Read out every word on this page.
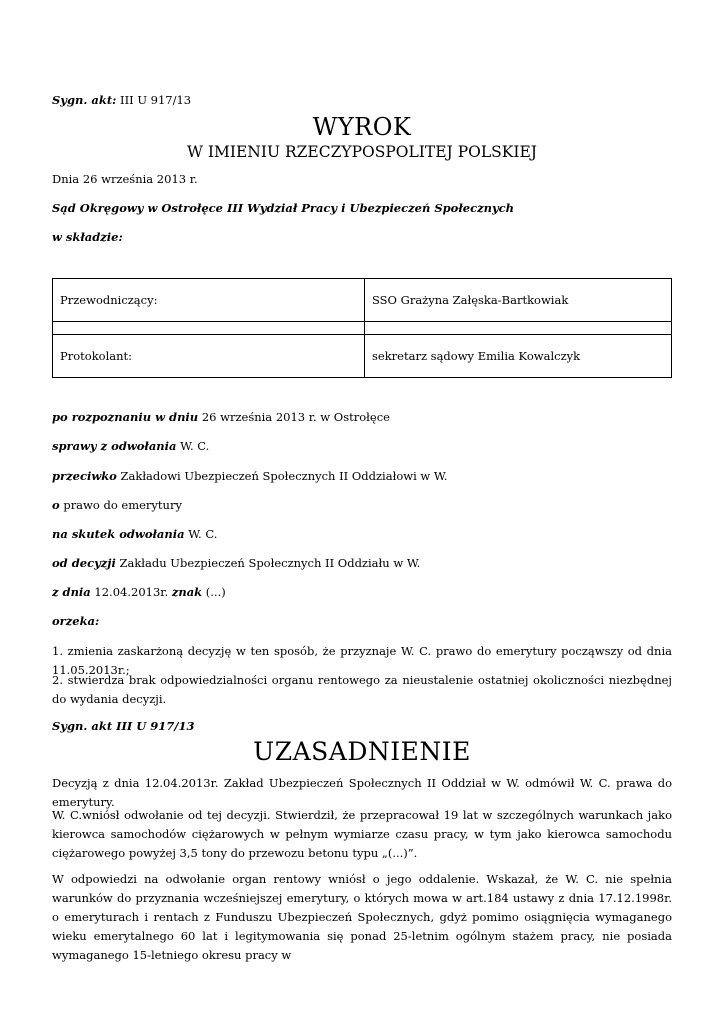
Sygn. akt: III U 917/13
WYROK
W IMIENIU RZECZYPOSPOLITEJ POLSKIEJ
Dnia 26 września 2013 r.
Sąd Okręgowy w Ostrołęce III Wydział Pracy i Ubezpieczeń Społecznych
w składzie:
Przewodniczący:	SSO Grażyna Załęska-Bartkowiak

Protokolant:	sekretarz sądowy Emilia Kowalczyk
po rozpoznaniu w dniu 26 września 2013 r. w Ostrołęce
sprawy z odwołania W. C.
przeciwko Zakładowi Ubezpieczeń Społecznych II Oddziałowi w W.
o prawo do emerytury
na skutek odwołania W. C.
od decyzji Zakładu Ubezpieczeń Społecznych II Oddziału w W.
z dnia 12.04.2013r. znak (...)
orzeka:
1. zmienia zaskarżoną decyzję w ten sposób, że przyznaje W. C. prawo do emerytury począwszy od dnia 11.05.2013r.;
2. stwierdza brak odpowiedzialności organu rentowego za nieustalenie ostatniej okoliczności niezbędnej do wydania decyzji.
Sygn. akt III U 917/13
UZASADNIENIE
Decyzją z dnia 12.04.2013r. Zakład Ubezpieczeń Społecznych II Oddział w W. odmówił W. C. prawa do emerytury.
W. C.wniósł odwołanie od tej decyzji. Stwierdził, że przepracował 19 lat w szczególnych warunkach jako kierowca samochodów ciężarowych w pełnym wymiarze czasu pracy, w tym jako kierowca samochodu ciężarowego powyżej 3,5 tony do przewozu betonu typu „(...)”.
W odpowiedzi na odwołanie organ rentowy wniósł o jego oddalenie. Wskazał, że W. C. nie spełnia warunków do przyznania wcześniejszej emerytury, o których mowa w art.184 ustawy z dnia 17.12.1998r. o emeryturach i rentach z Funduszu Ubezpieczeń Społecznych, gdyż pomimo osiągnięcia wymaganego wieku emerytalnego 60 lat i legitymowania się ponad 25-letnim ogólnym stażem pracy, nie posiada wymaganego 15-letniego okresu pracy w
